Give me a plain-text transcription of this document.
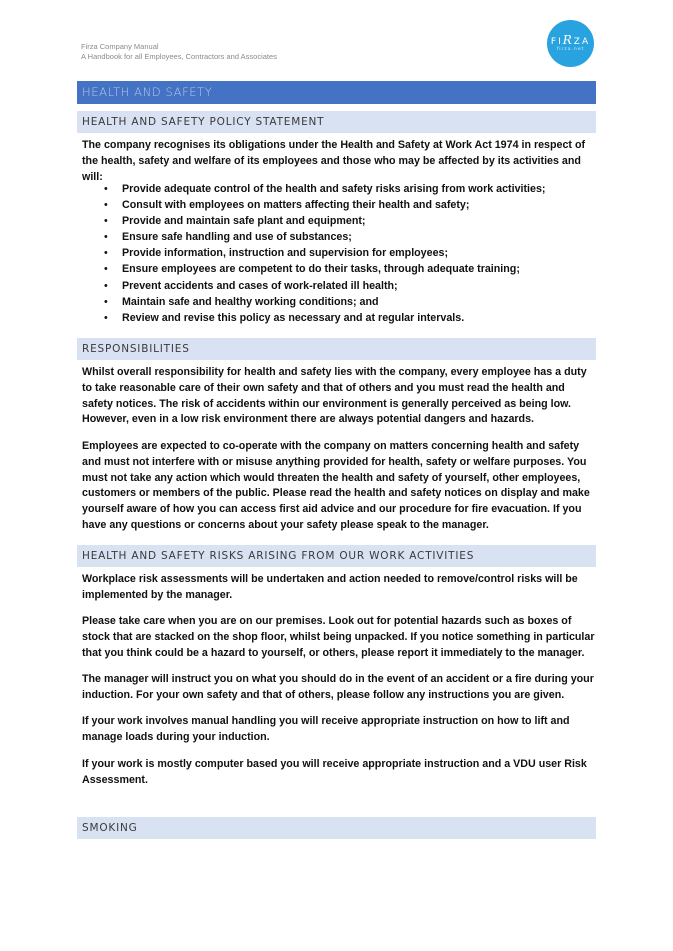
Firza Company Manual
A Handbook for all Employees, Contractors and Associates
FIRZA
firza.net
HEALTH AND SAFETY
HEALTH AND SAFETY POLICY STATEMENT

The company recognises its obligations under the Health and Safety at Work Act 1974 in respect of the health, safety and welfare of its employees and those who may be affected by its activities and will:

• Provide adequate control of the health and safety risks arising from work activities;
• Consult with employees on matters affecting their health and safety;
• Provide and maintain safe plant and equipment;
• Ensure safe handling and use of substances;
• Provide information, instruction and supervision for employees;
• Ensure employees are competent to do their tasks, through adequate training;
• Prevent accidents and cases of work-related ill health;
• Maintain safe and healthy working conditions; and
• Review and revise this policy as necessary and at regular intervals.
RESPONSIBILITIES

Whilst overall responsibility for health and safety lies with the company, every employee has a duty to take reasonable care of their own safety and that of others and you must read the health and safety notices. The risk of accidents within our environment is generally perceived as being low. However, even in a low risk environment there are always potential dangers and hazards.

Employees are expected to co-operate with the company on matters concerning health and safety and must not interfere with or misuse anything provided for health, safety or welfare purposes. You must not take any action which would threaten the health and safety of yourself, other employees, customers or members of the public. Please read the health and safety notices on display and make yourself aware of how you can access first aid advice and our procedure for fire evacuation. If you have any questions or concerns about your safety please speak to the manager.

HEALTH AND SAFETY RISKS ARISING FROM OUR WORK ACTIVITIES

Workplace risk assessments will be undertaken and action needed to remove/control risks will be implemented by the manager.

Please take care when you are on our premises. Look out for potential hazards such as boxes of stock that are stacked on the shop floor, whilst being unpacked. If you notice something in particular that you think could be a hazard to yourself, or others, please report it immediately to the manager.

The manager will instruct you on what you should do in the event of an accident or a fire during your induction. For your own safety and that of others, please follow any instructions you are given.

If your work involves manual handling you will receive appropriate instruction on how to lift and manage loads during your induction.

If your work is mostly computer based you will receive appropriate instruction and a VDU user Risk Assessment.

SMOKING
